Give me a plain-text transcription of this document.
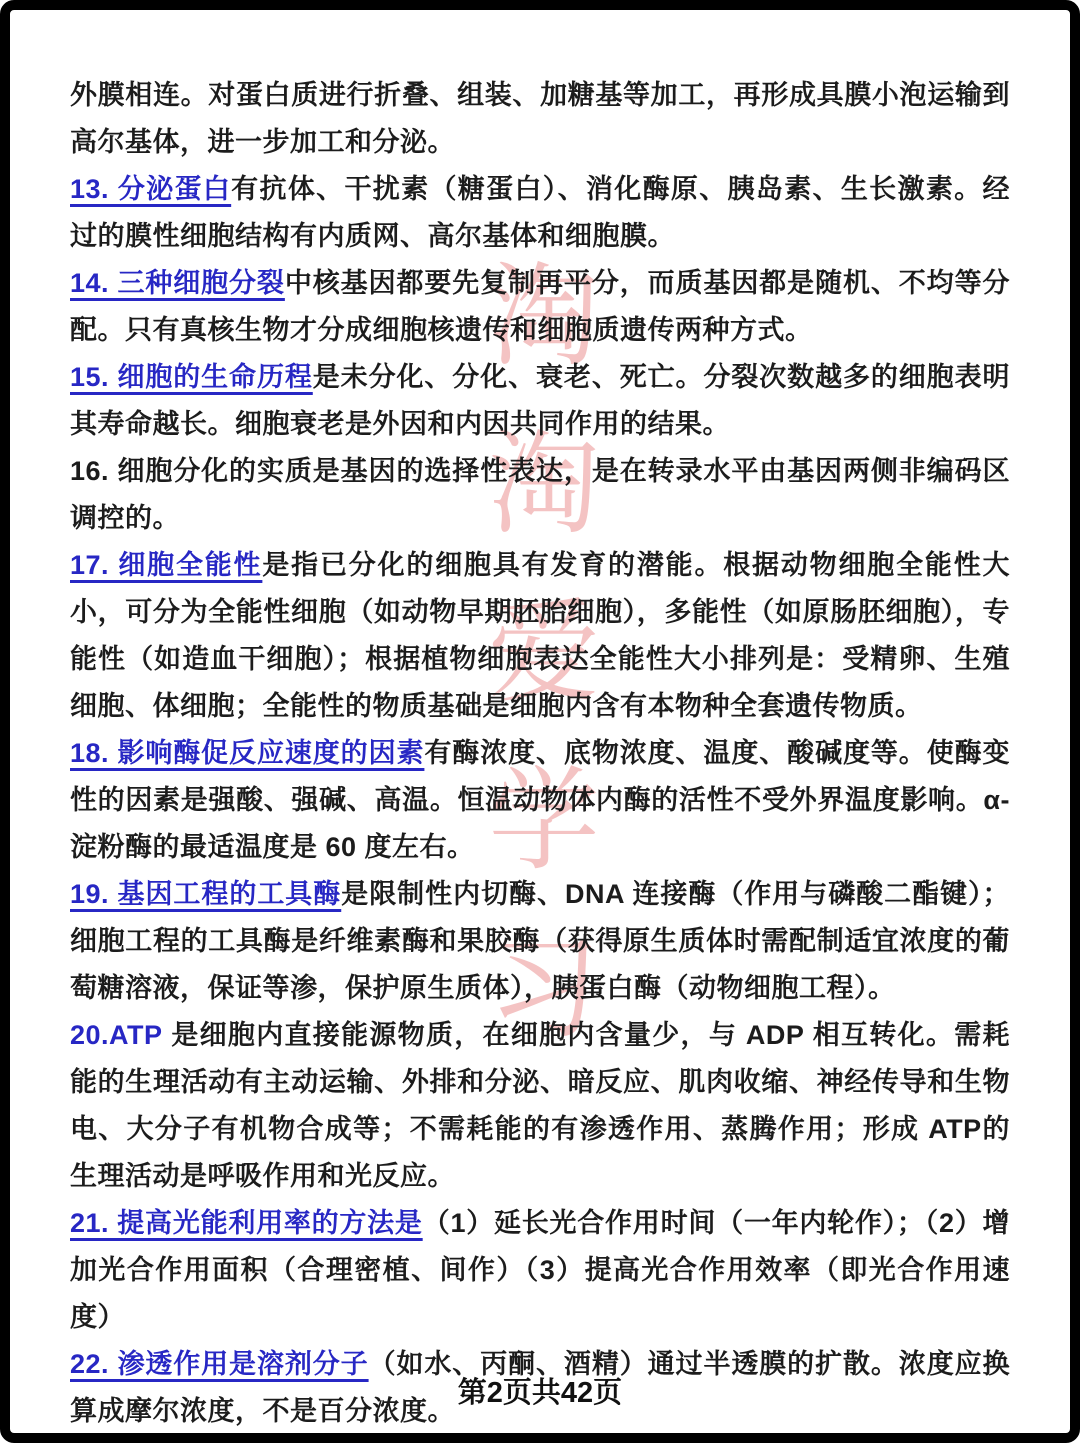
淘
淘
爱
学
习

外膜相连。对蛋白质进行折叠、组装、加糖基等加工，再形成具膜小泡运输到高尔基体，进一步加工和分泌。

13. 分泌蛋白有抗体、干扰素（糖蛋白）、消化酶原、胰岛素、生长激素。经过的膜性细胞结构有内质网、高尔基体和细胞膜。

14. 三种细胞分裂中核基因都要先复制再平分，而质基因都是随机、不均等分配。只有真核生物才分成细胞核遗传和细胞质遗传两种方式。

15. 细胞的生命历程是未分化、分化、衰老、死亡。分裂次数越多的细胞表明其寿命越长。细胞衰老是外因和内因共同作用的结果。

16. 细胞分化的实质是基因的选择性表达，是在转录水平由基因两侧非编码区调控的。

17. 细胞全能性是指已分化的细胞具有发育的潜能。根据动物细胞全能性大小，可分为全能性细胞（如动物早期胚胎细胞），多能性（如原肠胚细胞），专能性（如造血干细胞）；根据植物细胞表达全能性大小排列是：受精卵、生殖细胞、体细胞；全能性的物质基础是细胞内含有本物种全套遗传物质。

18. 影响酶促反应速度的因素有酶浓度、底物浓度、温度、酸碱度等。使酶变性的因素是强酸、强碱、高温。恒温动物体内酶的活性不受外界温度影响。α-淀粉酶的最适温度是 60 度左右。

19. 基因工程的工具酶是限制性内切酶、DNA 连接酶（作用与磷酸二酯键）；细胞工程的工具酶是纤维素酶和果胶酶（获得原生质体时需配制适宜浓度的葡萄糖溶液，保证等渗，保护原生质体），胰蛋白酶（动物细胞工程）。

20.ATP 是细胞内直接能源物质，在细胞内含量少，与 ADP 相互转化。需耗能的生理活动有主动运输、外排和分泌、暗反应、肌肉收缩、神经传导和生物电、大分子有机物合成等；不需耗能的有渗透作用、蒸腾作用；形成 ATP的生理活动是呼吸作用和光反应。

21. 提高光能利用率的方法是（1）延长光合作用时间（一年内轮作）；（2）增加光合作用面积（合理密植、间作）（3）提高光合作用效率（即光合作用速度）

22. 渗透作用是溶剂分子（如水、丙酮、酒精）通过半透膜的扩散。浓度应换算成摩尔浓度，不是百分浓度。

第2页共42页
